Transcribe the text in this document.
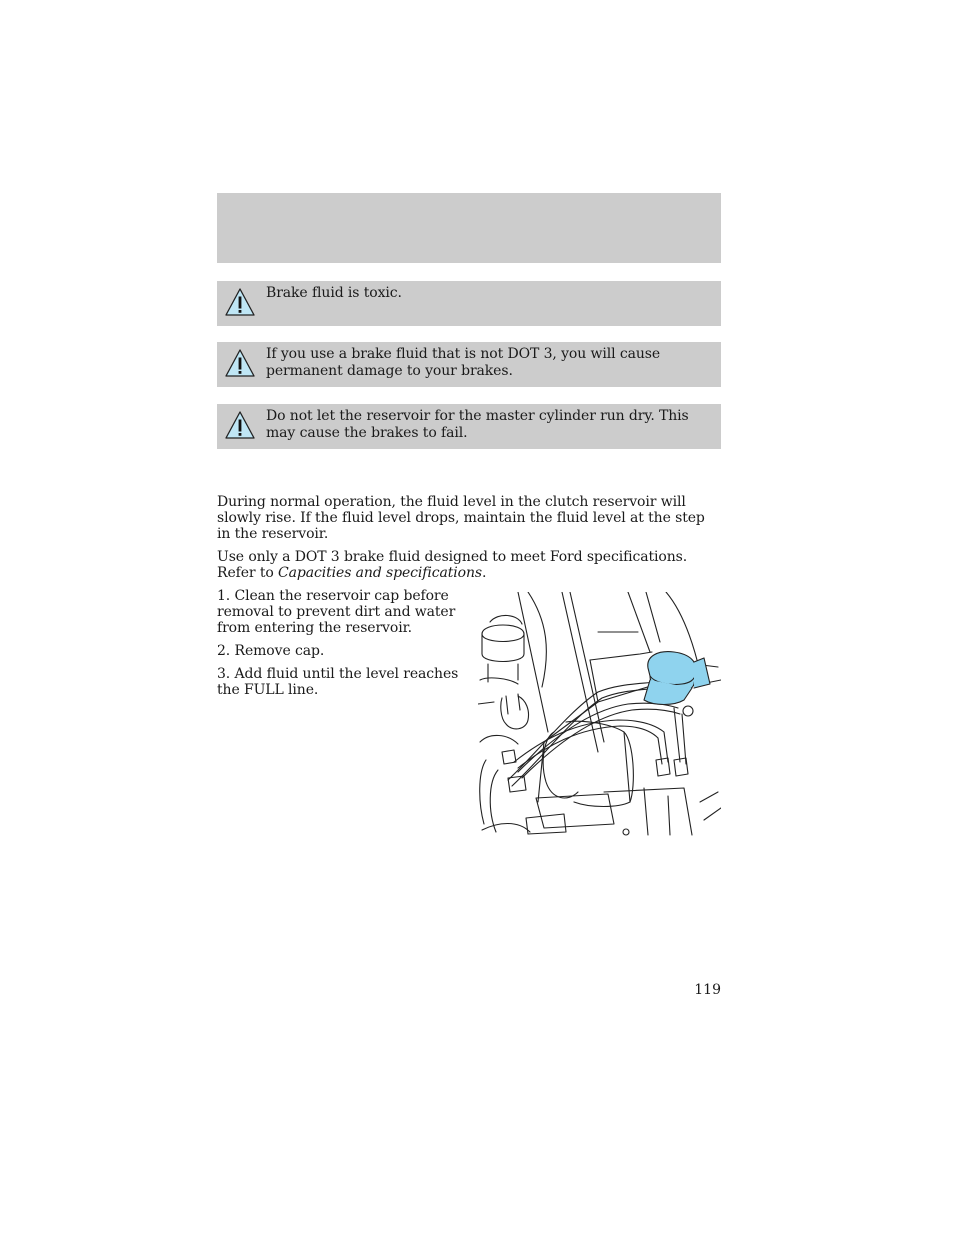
Brake fluid is toxic.
If you use a brake fluid that is not DOT 3, you will cause permanent damage to your brakes.
Do not let the reservoir for the master cylinder run dry. This may cause the brakes to fail.
During normal operation, the fluid level in the clutch reservoir will slowly rise. If the fluid level drops, maintain the fluid level at the step in the reservoir.
Use only a DOT 3 brake fluid designed to meet Ford specifications. Refer to Capacities and specifications.
1. Clean the reservoir cap before removal to prevent dirt and water from entering the reservoir.
2. Remove cap.
3. Add fluid until the level reaches the FULL line.
119
